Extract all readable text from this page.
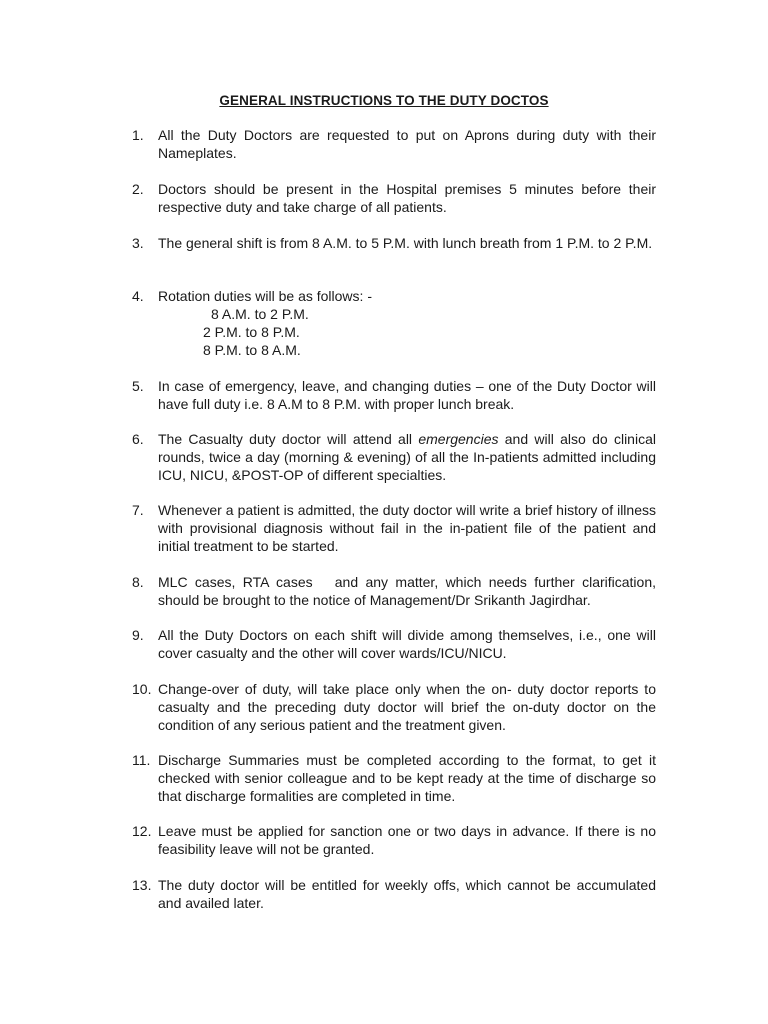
GENERAL INSTRUCTIONS TO THE DUTY DOCTOS
1.	All the Duty Doctors are requested to put on Aprons during duty with their Nameplates.
2.	Doctors should be present in the Hospital premises 5 minutes before their respective duty and take charge of all patients.
3.	The general shift is from 8 A.M. to 5 P.M. with lunch breath from 1 P.M. to 2 P.M.
4.	Rotation duties will be as follows: -
8 A.M. to 2 P.M.
2 P.M. to 8 P.M.
8 P.M. to 8 A.M.
5.	In case of emergency, leave, and changing duties – one of the Duty Doctor will have full duty i.e. 8 A.M to 8 P.M. with proper lunch break.
6.	The Casualty duty doctor will attend all emergencies and will also do clinical rounds, twice a day (morning & evening) of all the In-patients admitted including ICU, NICU, &POST-OP of different specialties.
7.	Whenever a patient is admitted, the duty doctor will write a brief history of illness with provisional diagnosis without fail in the in-patient file of the patient and initial treatment to be started.
8.	MLC cases, RTA cases   and any matter, which needs further clarification, should be brought to the notice of Management/Dr Srikanth Jagirdhar.
9.	All the Duty Doctors on each shift will divide among themselves, i.e., one will cover casualty and the other will cover wards/ICU/NICU.
10. Change-over of duty, will take place only when the on- duty doctor reports to casualty and the preceding duty doctor will brief the on-duty doctor on the condition of any serious patient and the treatment given.
11. Discharge Summaries must be completed according to the format, to get it checked with senior colleague and to be kept ready at the time of discharge so that discharge formalities are completed in time.
12. Leave must be applied for sanction one or two days in advance. If there is no feasibility leave will not be granted.
13. The duty doctor will be entitled for weekly offs, which cannot be accumulated and availed later.
